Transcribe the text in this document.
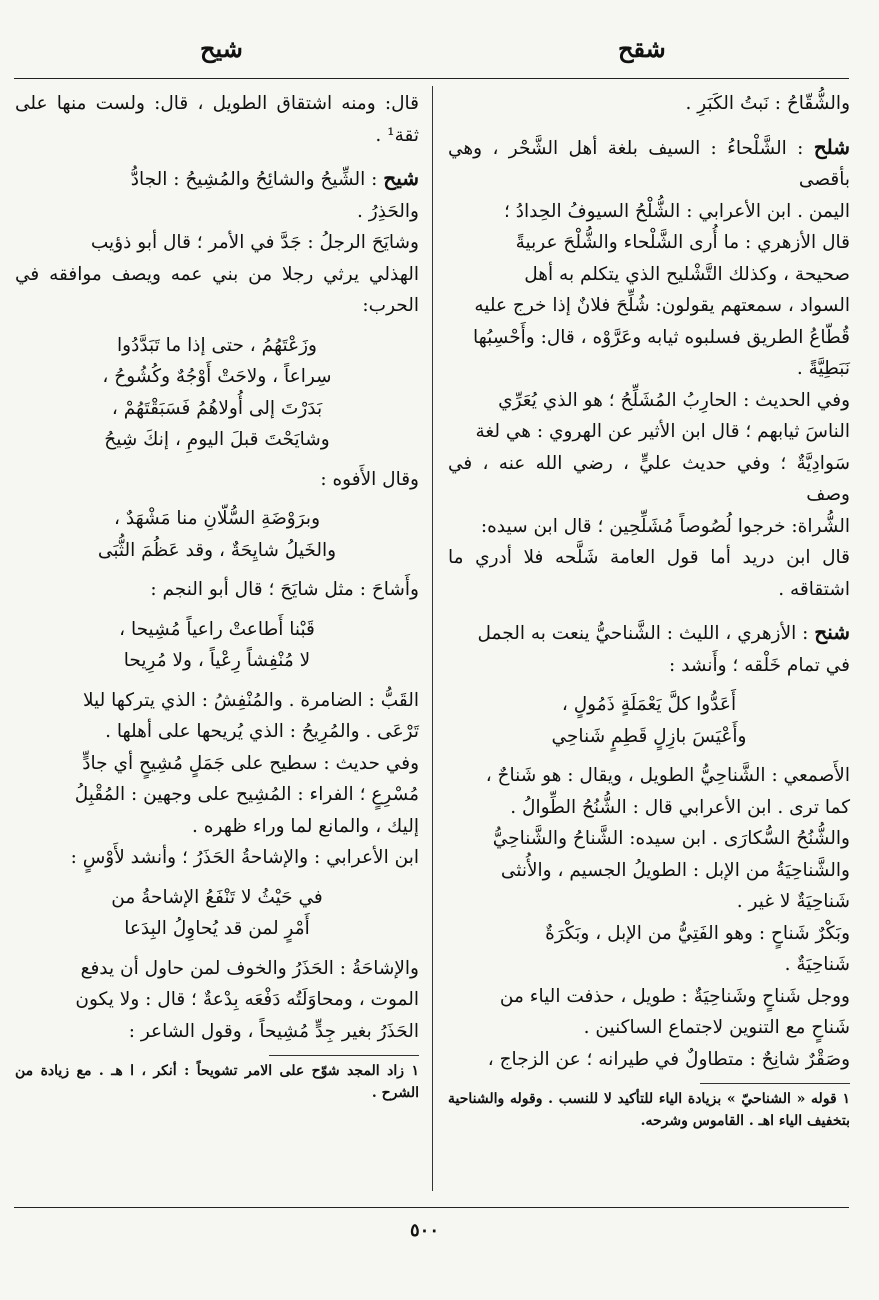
شقح
شيح

والشُّقّاحُ : نَبتُ الكَبَرِ .

شلح : الشَّلْحاءُ : السيف بلغة أهل الشَّحْر ، وهي بأقصى

اليمن . ابن الأعرابي : الشُّلْحُ السيوفُ الحِدادُ ؛

قال الأزهري : ما أُرى الشَّلْحاء والشُّلْحَ عربيةً

صحيحة ، وكذلك التَّشْليح الذي يتكلم به أهل

السواد ، سمعتهم يقولون: شُلِّحَ فلانٌ إذا خرج عليه

قُطّاعُ الطريق فسلبوه ثيابه وعَرَّوْه ، قال: وأَحْسِبُها

نَبَطِيَّةً .

وفي الحديث : الحارِبُ المُشَلِّحُ ؛ هو الذي يُعَرِّي

الناسَ ثيابهم ؛ قال ابن الأثير عن الهروي : هي لغة

سَوادِيَّةٌ ؛ وفي حديث عليٍّ ، رضي الله عنه ، في وصف

الشُّراة: خرجوا لُصُوصاً مُشَلِّحِين ؛ قال ابن سيده:

قال ابن دريد أما قول العامة شَلَّحه فلا أدري ما اشتقاقه .

شنح : الأزهري ، الليث : الشَّناحيُّ ينعت به الجمل

في تمام خَلْقه ؛ وأَنشد :

أَعَدُّوا كلَّ يَعْمَلَةٍ ذَمُولٍ ،

وأَعْيَسَ بازِلٍ قَطِمٍ شَناحِي

الأَصمعي : الشَّناحِيُّ الطويل ، ويقال : هو شَناحٌ ،

كما ترى . ابن الأعرابي قال : الشُّنُحُ الطِّوالُ .

والشُّنُحُ السُّكارَى . ابن سيده: الشَّناحُ والشَّناحِيُّ

والشَّناحِيَةُ من الإبل : الطويلُ الجسيم ، والأُنثى

شَناحِيَةٌ لا غير .

وبَكْرٌ شَناحٍ : وهو الفَتِيُّ من الإبل ، وبَكْرَةٌ

شَناحِيَةٌ .

ووجل شَناحٍ وشَناحِيَةٌ : طويل ، حذفت الياء من

شَناحٍ مع التنوين لاجتماع الساكنين .

وصَقْرٌ شانِحٌ : متطاولٌ في طيرانه ؛ عن الزجاج ،

١ قوله « الشناحيّ » بزيادة الياء للتأكيد لا للنسب . وقوله والشناحية بتخفيف الياء اهـ . القاموس وشرحه.

قال: ومنه اشتقاق الطويل ، قال: ولست منها على ثقة¹ .

شيح : الشِّيحُ والشائِحُ والمُشِيحُ : الجادُّ

والحَذِرُ .

وشايَحَ الرجلُ : جَدَّ في الأمر ؛ قال أبو ذؤيب

الهذلي يرثي رجلا من بني عمه ويصف موافقه في الحرب:

وزَعْتَهُمُ ، حتى إذا ما تَبَدَّدُوا

سِراعاً ، ولاحَتْ أَوْجُهٌ وكُشُوحُ ،

بَدَرْتَ إلى أُولاهُمُ فَسَبَقْتَهُمْ ،

وشايَحْتَ قبلَ اليومِ ، إنكَ شِيحُ

وقال الأَفوه :

وبرَوْضَةِ السُّلّانِ منا مَشْهَدٌ ،

والخَيلُ شايِحَةٌ ، وقد عَظُمَ الثُّبَى

وأَشاحَ : مثل شايَحَ ؛ قال أبو النجم :

قَبْنا أَطاعتْ راعياً مُشِيحا ،

لا مُنْفِشاً رِعْياً ، ولا مُرِيحا

القَبُّ : الضامرة . والمُنْفِشُ : الذي يتركها ليلا

تَرْعَى . والمُرِيحُ : الذي يُريحها على أهلها .

وفي حديث : سطيح على جَمَلٍ مُشِيحٍ أي جادٍّ

مُسْرِعٍ ؛ الفراء : المُشِيح على وجهين : المُقْبِلُ

إليك ، والمانع لما وراء ظهره .

ابن الأعرابي : والإشاحةُ الحَذَرُ ؛ وأنشد لأَوْسٍ :

في حَيْثُ لا تَنْفَعُ الإشاحةُ من

أَمْرٍ لمن قد يُحاوِلُ البِدَعا

والإشاحَةُ : الحَذَرُ والخوف لمن حاول أن يدفع

الموت ، ومحاوَلَتُه دَفْعَه بِدْعةٌ ؛ قال : ولا يكون

الحَذَرُ بغير جِدٍّ مُشِيحاً ، وقول الشاعر :

١ زاد المجد شوّح على الامر تشويحاً : أنكر ، ا هـ . مع زيادة من الشرح .

٥٠٠
